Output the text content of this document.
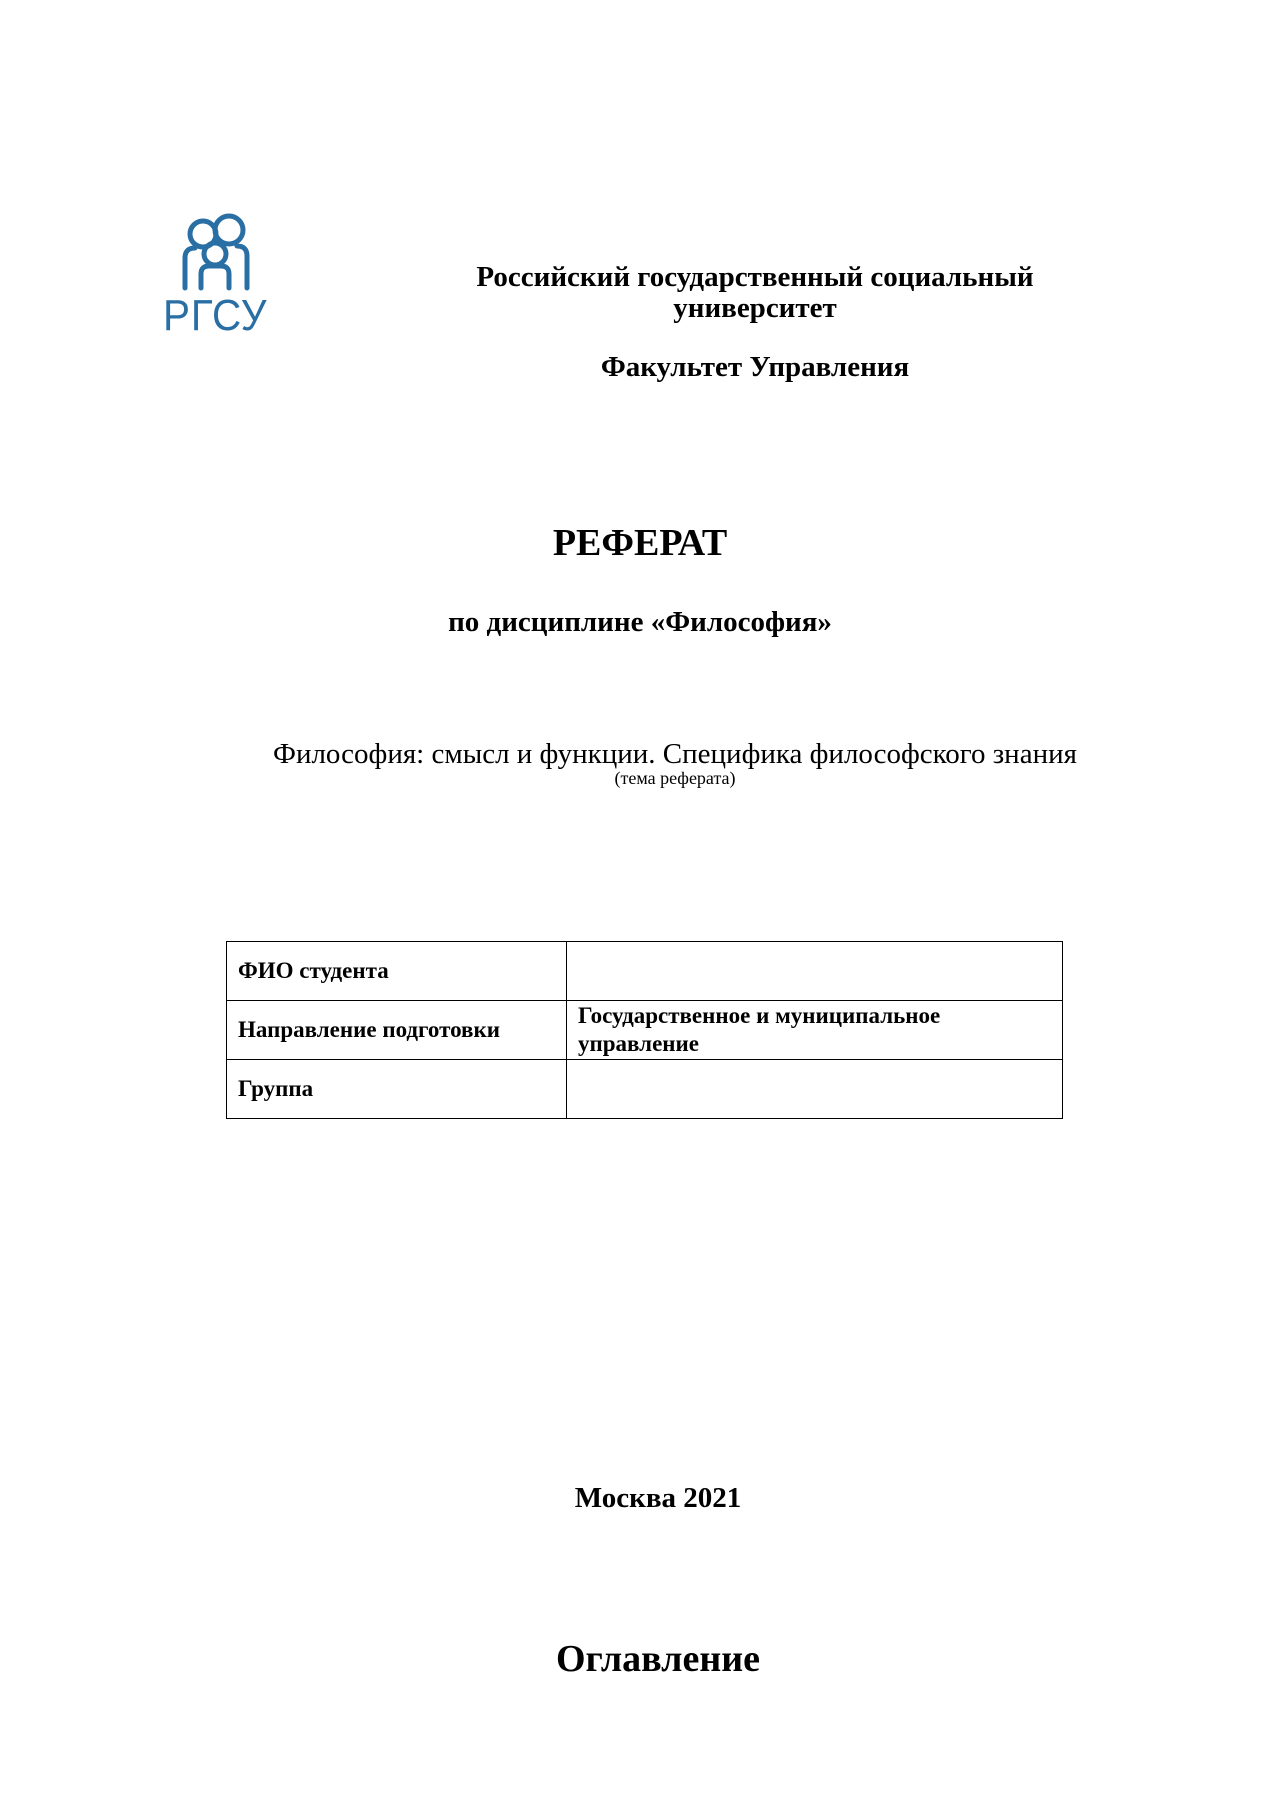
РГСУ
Российский государственный социальный университет
Факультет Управления
РЕФЕРАТ
по дисциплине «Философия»
Философия: смысл и функции. Специфика философского знания
(тема реферата)
ФИО студента	
Направление подготовки	Государственное и муниципальное управление
Группа	
Москва 2021
Оглавление
